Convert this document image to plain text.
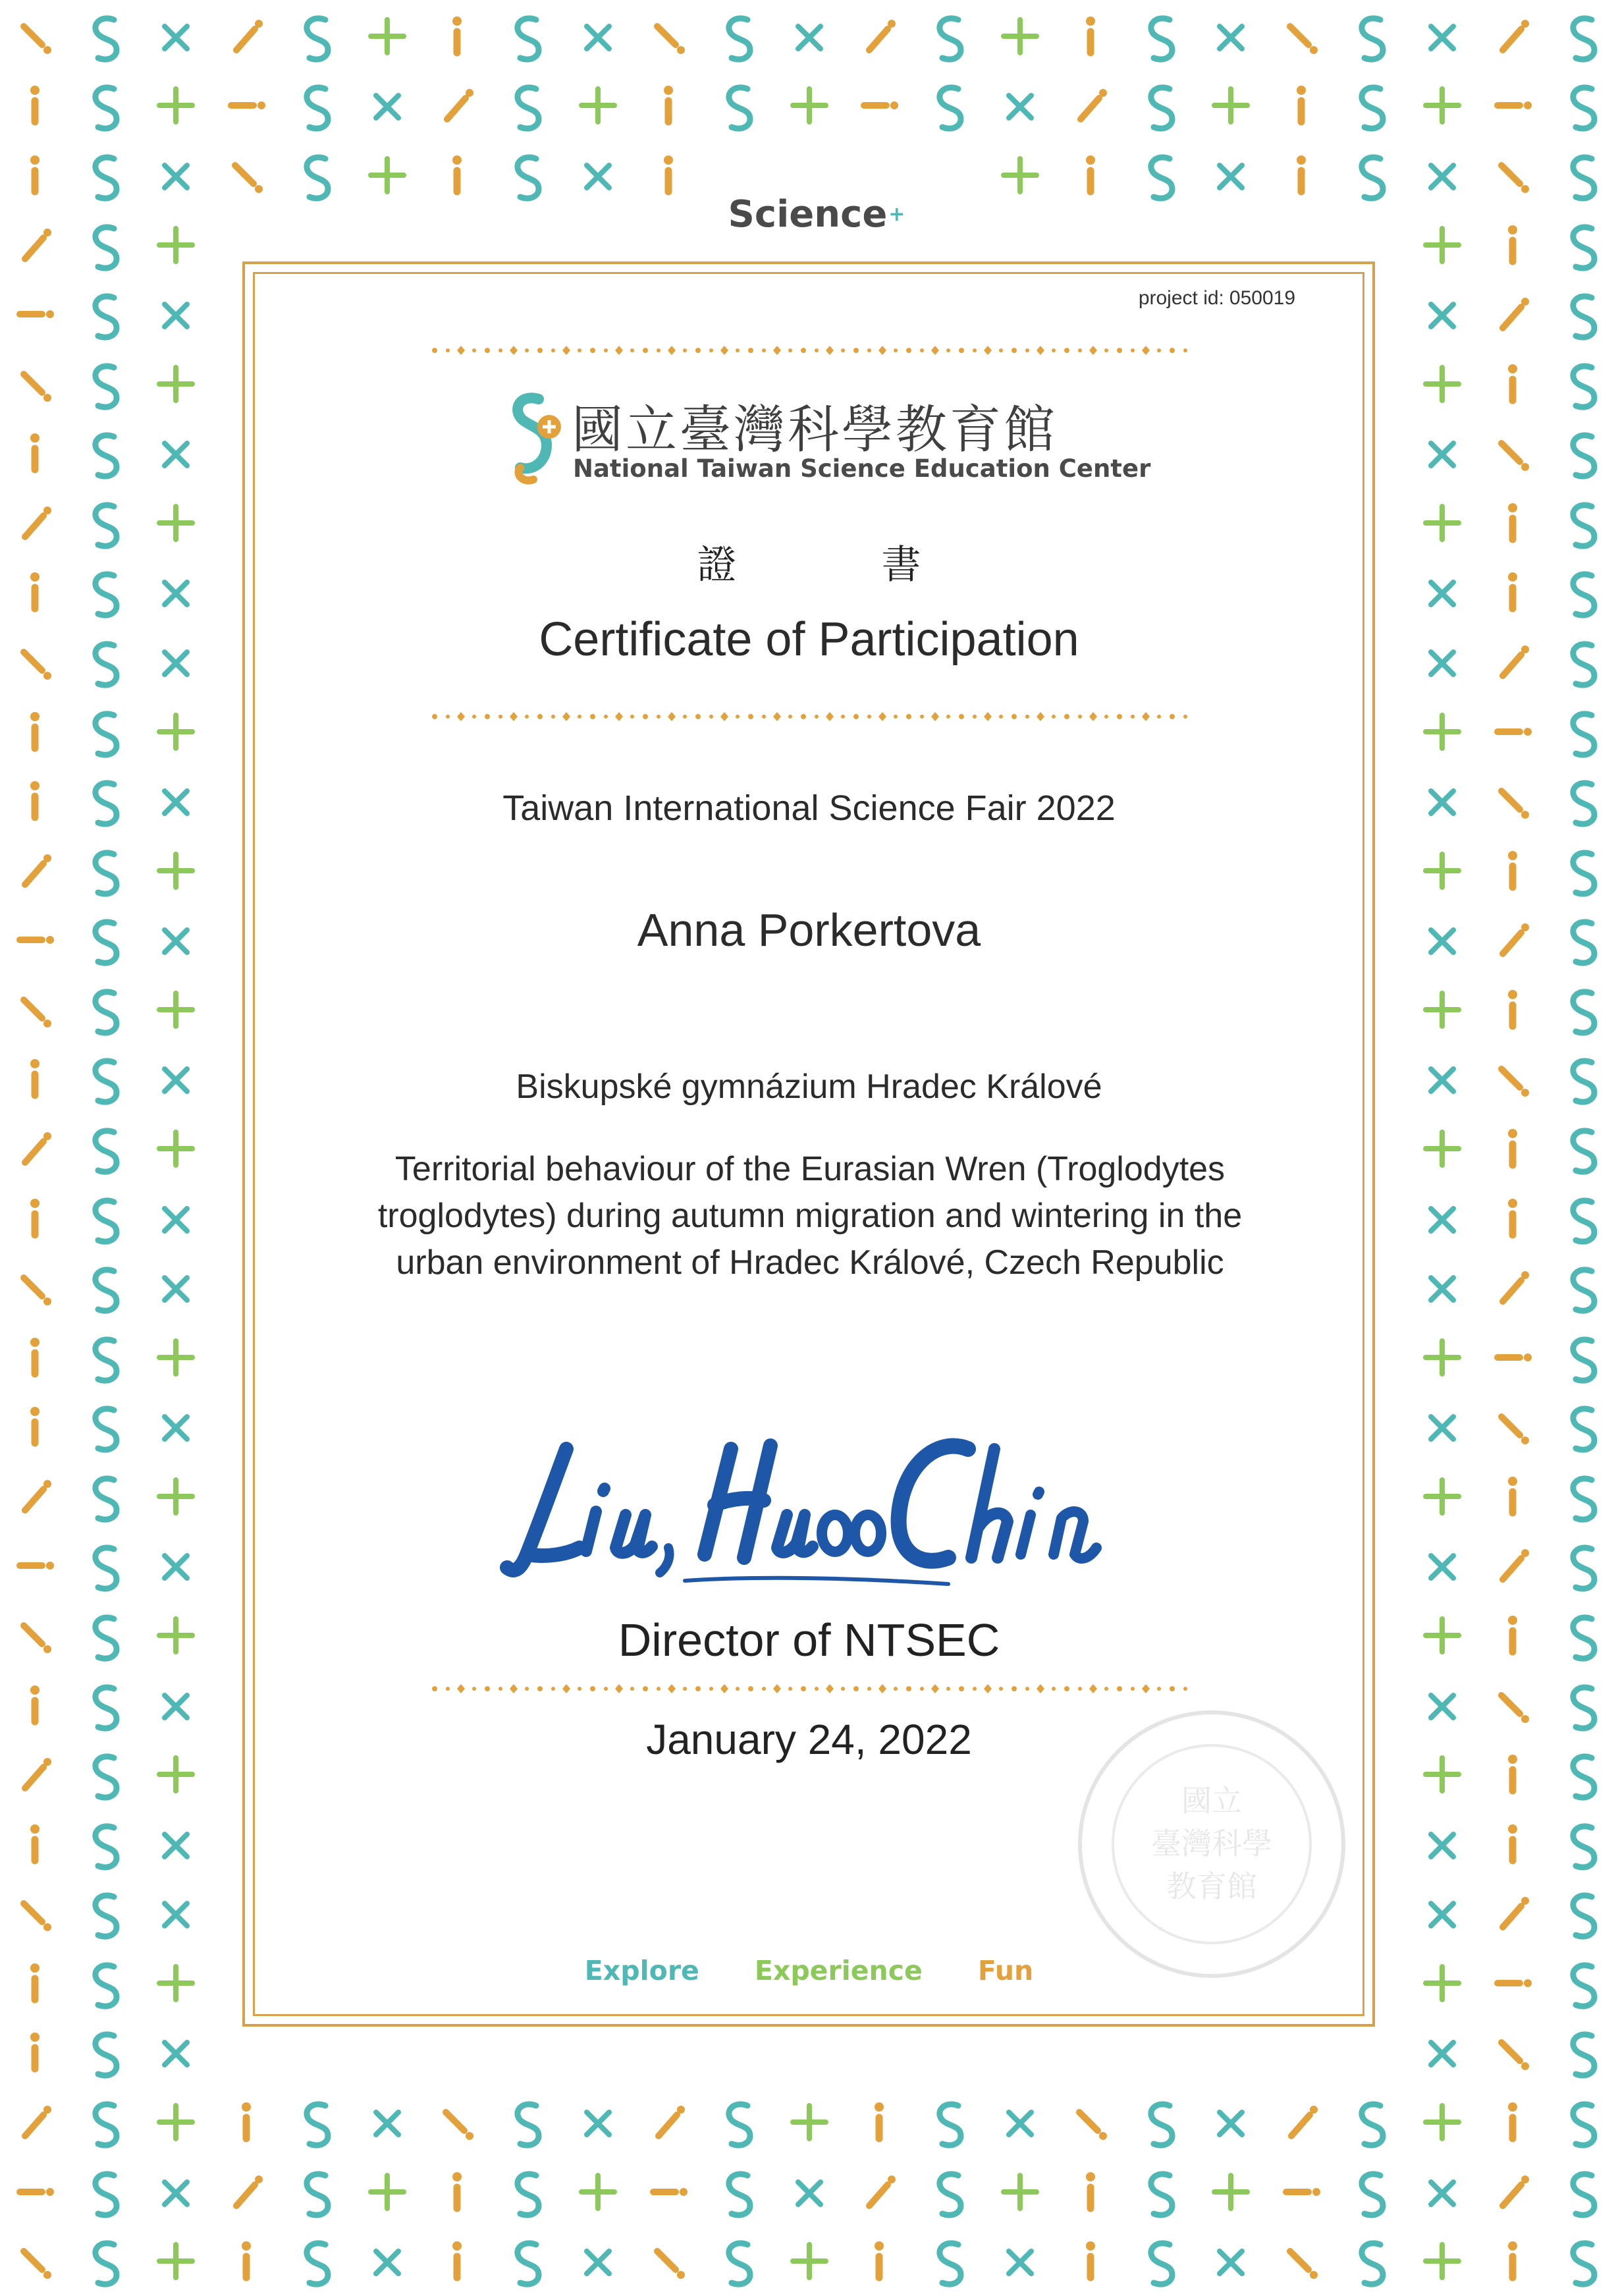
Science +
project id: 050019
國立臺灣科學教育館
National Taiwan Science Education Center
證	書
Certificate of Participation
Taiwan International Science Fair 2022
Anna Porkertova
Biskupské gymnázium Hradec Králové
Territorial behaviour of the Eurasian Wren (Troglodytes
troglodytes) during autumn migration and wintering in the
urban environment of Hradec Králové, Czech Republic
Director of NTSEC
January 24, 2022
國立
臺灣科學
教育館
Explore Experience Fun
